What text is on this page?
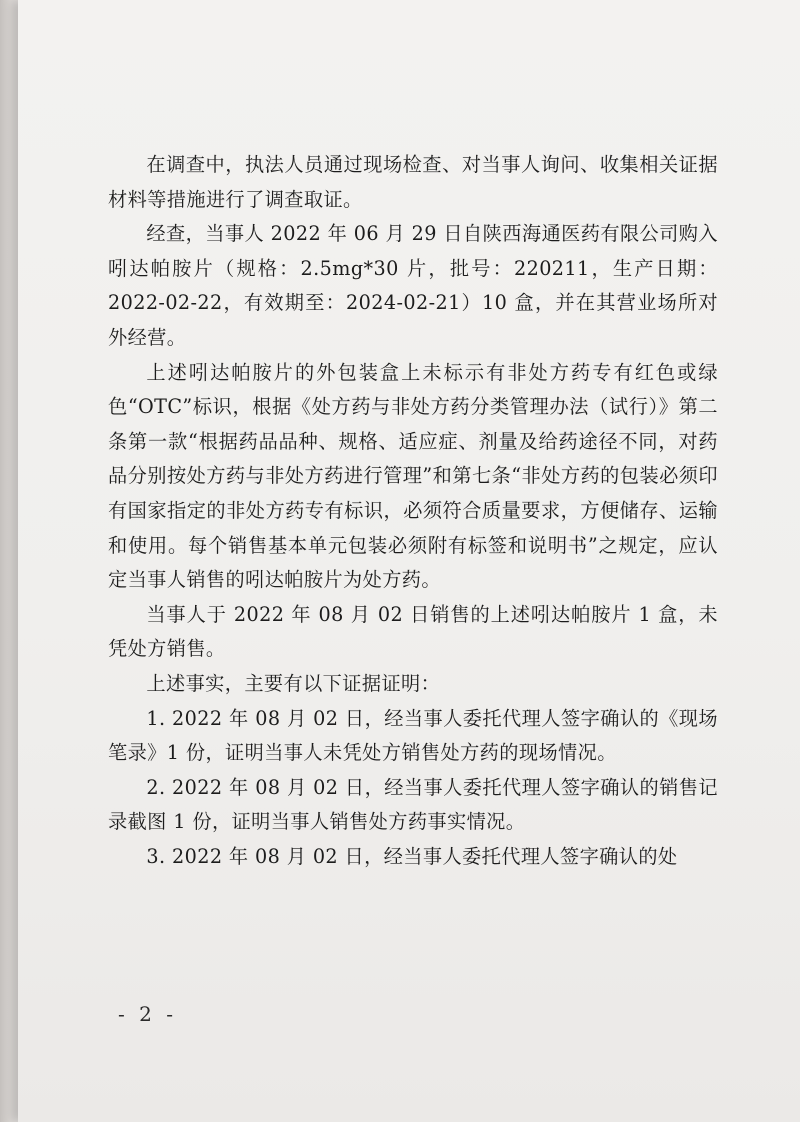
在调查中，执法人员通过现场检查、对当事人询问、收集相关证据材料等措施进行了调查取证。

经查，当事人 2022 年 06 月 29 日自陕西海通医药有限公司购入吲达帕胺片（规格：2.5mg*30 片，批号：220211，生产日期：2022-02-22，有效期至：2024-02-21）10 盒，并在其营业场所对外经营。

上述吲达帕胺片的外包装盒上未标示有非处方药专有红色或绿色“OTC”标识，根据《处方药与非处方药分类管理办法（试行）》第二条第一款“根据药品品种、规格、适应症、剂量及给药途径不同，对药品分别按处方药与非处方药进行管理”和第七条“非处方药的包装必须印有国家指定的非处方药专有标识，必须符合质量要求，方便储存、运输和使用。每个销售基本单元包装必须附有标签和说明书”之规定，应认定当事人销售的吲达帕胺片为处方药。

当事人于 2022 年 08 月 02 日销售的上述吲达帕胺片 1 盒，未凭处方销售。

上述事实，主要有以下证据证明：

1. 2022 年 08 月 02 日，经当事人委托代理人签字确认的《现场笔录》1 份，证明当事人未凭处方销售处方药的现场情况。

2. 2022 年 08 月 02 日，经当事人委托代理人签字确认的销售记录截图 1 份，证明当事人销售处方药事实情况。

3. 2022 年 08 月 02 日，经当事人委托代理人签字确认的处

- 2 -
